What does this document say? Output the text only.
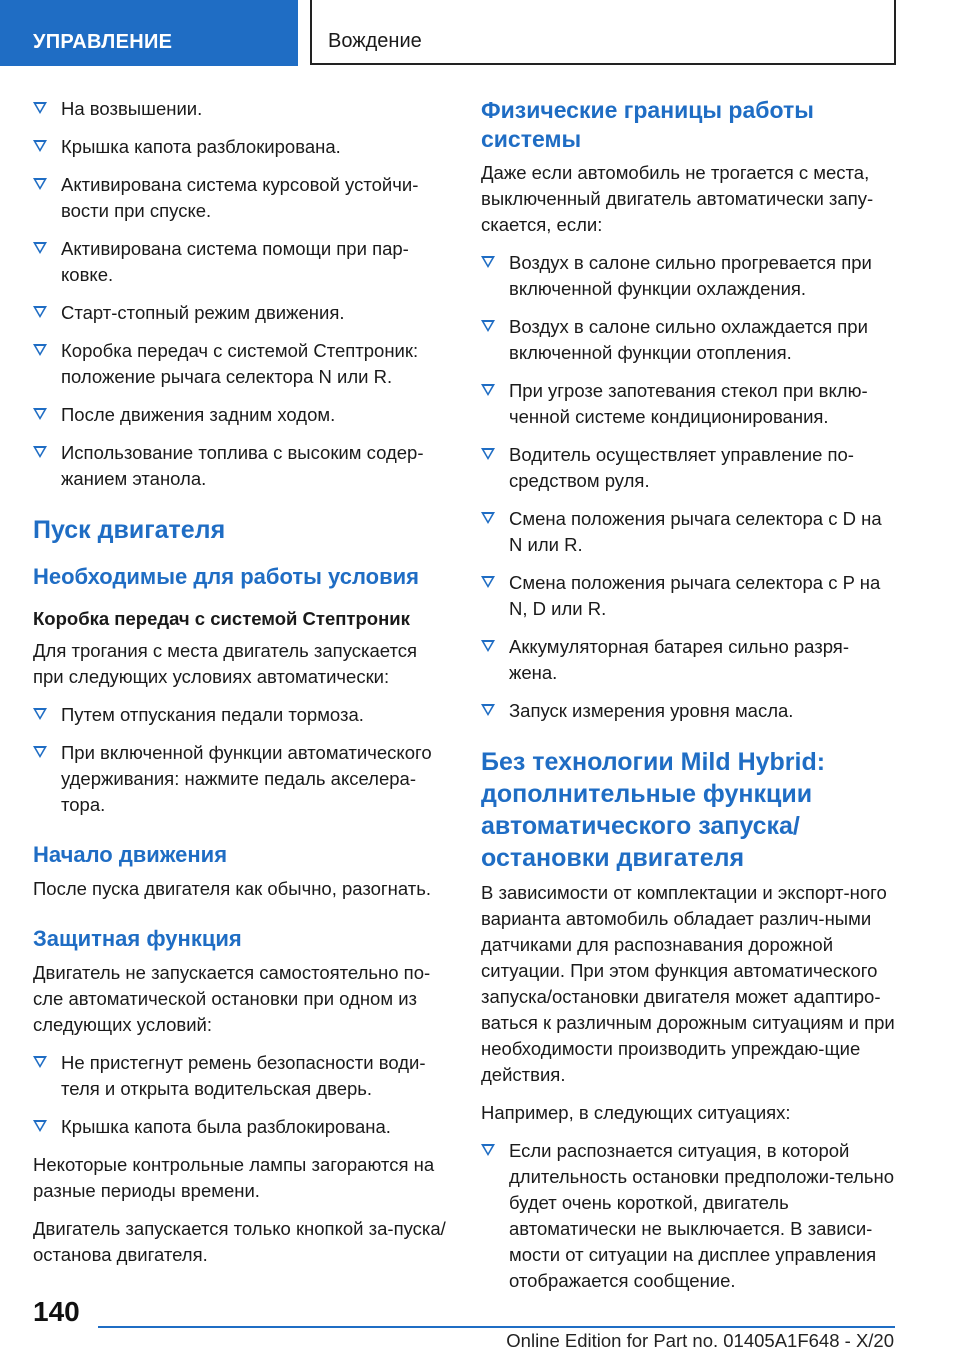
УПРАВЛЕНИЕ	Вождение
На возвышении.
Крышка капота разблокирована.
Активирована система курсовой устойчи-вости при спуске.
Активирована система помощи при пар-ковке.
Старт-стопный режим движения.
Коробка передач с системой Стептроник: положение рычага селектора N или R.
После движения задним ходом.
Использование топлива с высоким содер-жанием этанола.
Пуск двигателя
Необходимые для работы условия
Коробка передач с системой Стептроник

Для трогания с места двигатель запускается при следующих условиях автоматически:

Путем отпускания педали тормоза.
При включенной функции автоматического удерживания: нажмите педаль акселера-тора.
Начало движения

После пуска двигателя как обычно, разогнать.

Защитная функция

Двигатель не запускается самостоятельно по-сле автоматической остановки при одном из следующих условий:

Не пристегнут ремень безопасности води-теля и открыта водительская дверь.
Крышка капота была разблокирована.

Некоторые контрольные лампы загораются на разные периоды времени.

Двигатель запускается только кнопкой за-пуска/останова двигателя.

Физические границы работы системы

Даже если автомобиль не трогается с места, выключенный двигатель автоматически запу-скается, если:

Воздух в салоне сильно прогревается при включенной функции охлаждения.
Воздух в салоне сильно охлаждается при включенной функции отопления.
При угрозе запотевания стекол при вклю-ченной системе кондиционирования.
Водитель осуществляет управление по-средством руля.
Смена положения рычага селектора с D на N или R.
Смена положения рычага селектора с P на N, D или R.
Аккумуляторная батарея сильно разря-жена.
Запуск измерения уровня масла.
Без технологии Mild Hybrid: дополнительные функции автоматического запуска/ остановки двигателя

В зависимости от комплектации и экспорт-ного варианта автомобиль обладает различ-ными датчиками для распознавания дорожной ситуации. При этом функция автоматического запуска/остановки двигателя может адаптиро-ваться к различным дорожным ситуациям и при необходимости производить упреждаю-щие действия.

Например, в следующих ситуациях:

Если распознается ситуация, в которой длительность остановки предположи-тельно будет очень короткой, двигатель автоматически не выключается. В зависи-мости от ситуации на дисплее управления отображается сообщение.
140
Online Edition for Part no. 01405A1F648 - X/20
